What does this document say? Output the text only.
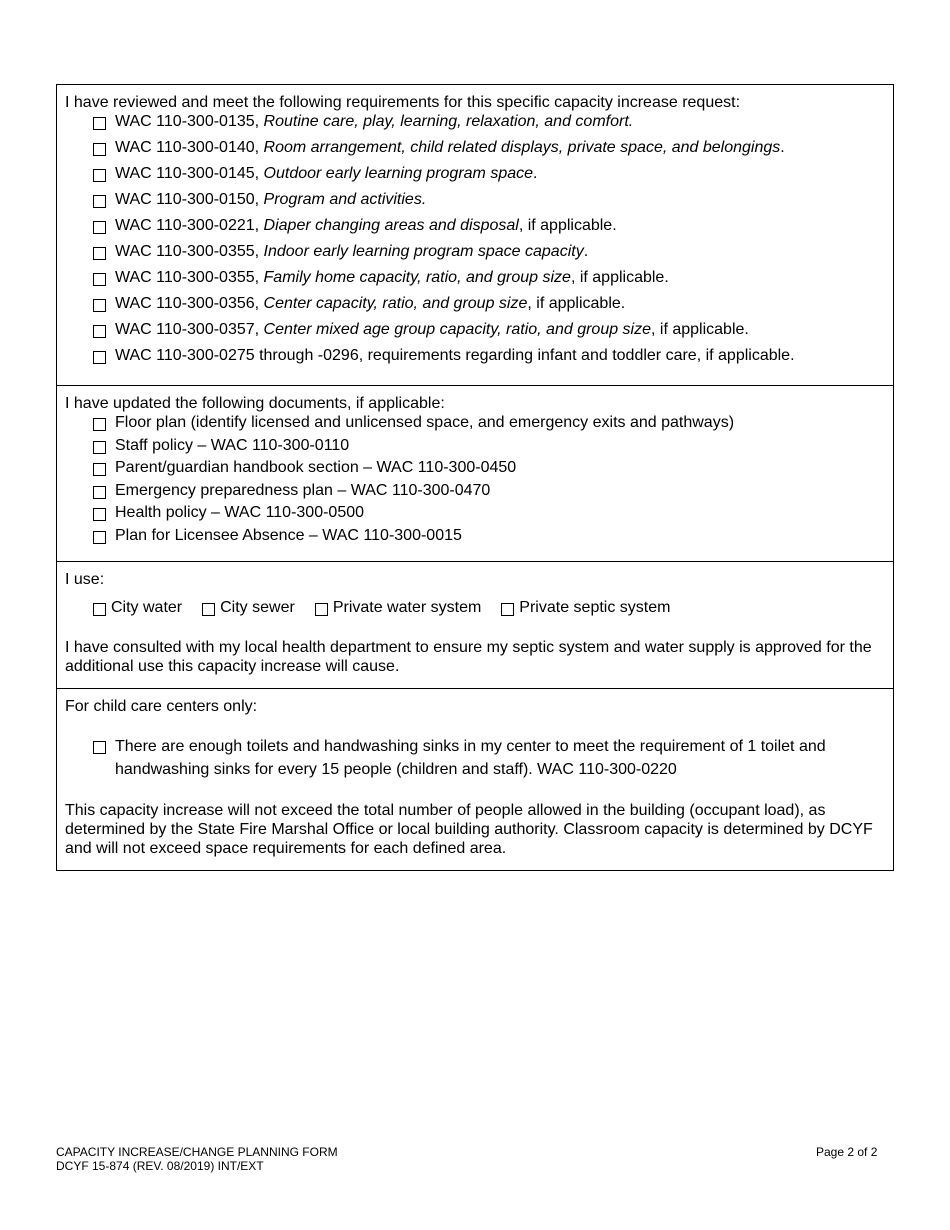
I have reviewed and meet the following requirements for this specific capacity increase request:
WAC 110-300-0135, Routine care, play, learning, relaxation, and comfort.
WAC 110-300-0140, Room arrangement, child related displays, private space, and belongings.
WAC 110-300-0145, Outdoor early learning program space.
WAC 110-300-0150, Program and activities.
WAC 110-300-0221, Diaper changing areas and disposal, if applicable.
WAC 110-300-0355, Indoor early learning program space capacity.
WAC 110-300-0355, Family home capacity, ratio, and group size, if applicable.
WAC 110-300-0356, Center capacity, ratio, and group size, if applicable.
WAC 110-300-0357, Center mixed age group capacity, ratio, and group size, if applicable.
WAC 110-300-0275 through -0296, requirements regarding infant and toddler care, if applicable.
I have updated the following documents, if applicable:
Floor plan (identify licensed and unlicensed space, and emergency exits and pathways)
Staff policy – WAC 110-300-0110
Parent/guardian handbook section – WAC 110-300-0450
Emergency preparedness plan – WAC 110-300-0470
Health policy – WAC 110-300-0500
Plan for Licensee Absence – WAC 110-300-0015
I use:
City water City sewer Private water system Private septic system
I have consulted with my local health department to ensure my septic system and water supply is approved for the additional use this capacity increase will cause.
For child care centers only:
There are enough toilets and handwashing sinks in my center to meet the requirement of 1 toilet and handwashing sinks for every 15 people (children and staff). WAC 110-300-0220
This capacity increase will not exceed the total number of people allowed in the building (occupant load), as determined by the State Fire Marshal Office or local building authority. Classroom capacity is determined by DCYF and will not exceed space requirements for each defined area.
CAPACITY INCREASE/CHANGE PLANNING FORM
DCYF 15-874 (REV. 08/2019) INT/EXT
Page 2 of 2
